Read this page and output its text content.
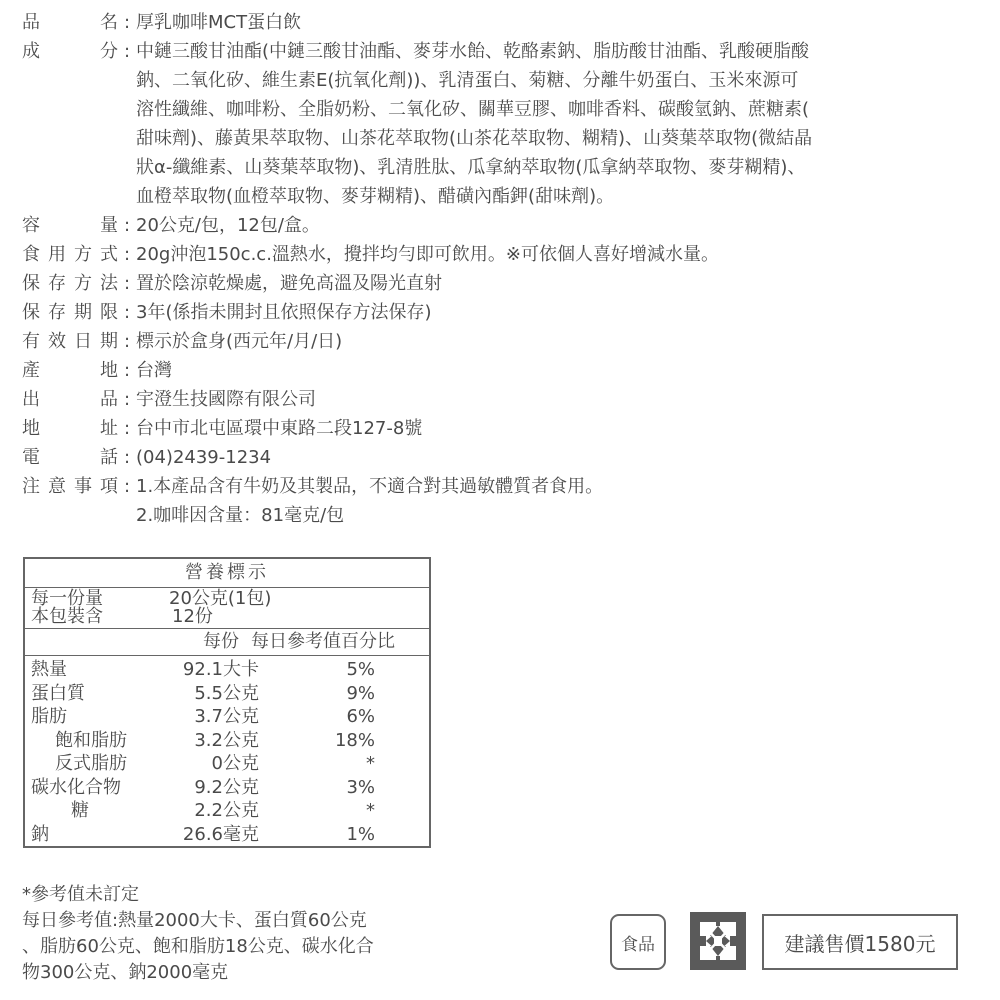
品	名 : 厚乳咖啡MCT蛋白飲
成	分 : 中鏈三酸甘油酯(中鏈三酸甘油酯、麥芽水飴、乾酪素鈉、脂肪酸甘油酯、乳酸硬脂酸
鈉、二氧化矽、維生素E(抗氧化劑))、乳清蛋白、菊糖、分離牛奶蛋白、玉米來源可
溶性纖維、咖啡粉、全脂奶粉、二氧化矽、關華豆膠、咖啡香料、碳酸氫鈉、蔗糖素(
甜味劑)、藤黃果萃取物、山茶花萃取物(山茶花萃取物、糊精)、山葵葉萃取物(微結晶
狀α-纖維素、山葵葉萃取物)、乳清胜肽、瓜拿納萃取物(瓜拿納萃取物、麥芽糊精)、
血橙萃取物(血橙萃取物、麥芽糊精)、醋磺內酯鉀(甜味劑)。
容	量 : 20公克/包，12包/盒。
食 用 方 式 : 20g沖泡150c.c.溫熱水，攪拌均勻即可飲用。※可依個人喜好增減水量。
保 存 方 法 : 置於陰涼乾燥處，避免高溫及陽光直射
保 存 期 限 : 3年(係指未開封且依照保存方法保存)
有 效 日 期 : 標示於盒身(西元年/月/日)
產	地 : 台灣
出	品 : 宇澄生技國際有限公司
地	址 : 台中市北屯區環中東路二段127-8號
電	話 : (04)2439-1234
注 意 事 項 : 1.本產品含有牛奶及其製品，不適合對其過敏體質者食用。
2.咖啡因含量：81毫克/包
營養標示
每一份量	20公克(1包)
本包裝含	12份
每份 每日參考值百分比
熱量	92.1大卡	5%
蛋白質	5.5公克	9%
脂肪	3.7公克	6%
飽和脂肪	3.2公克	18%
反式脂肪	0公克	*
碳水化合物	9.2公克	3%
糖	2.2公克	*
鈉	26.6毫克	1%
*參考值未訂定
每日參考值:熱量2000大卡、蛋白質60公克
、脂肪60公克、飽和脂肪18公克、碳水化合
物300公克、鈉2000毫克
食品	建議售價1580元
